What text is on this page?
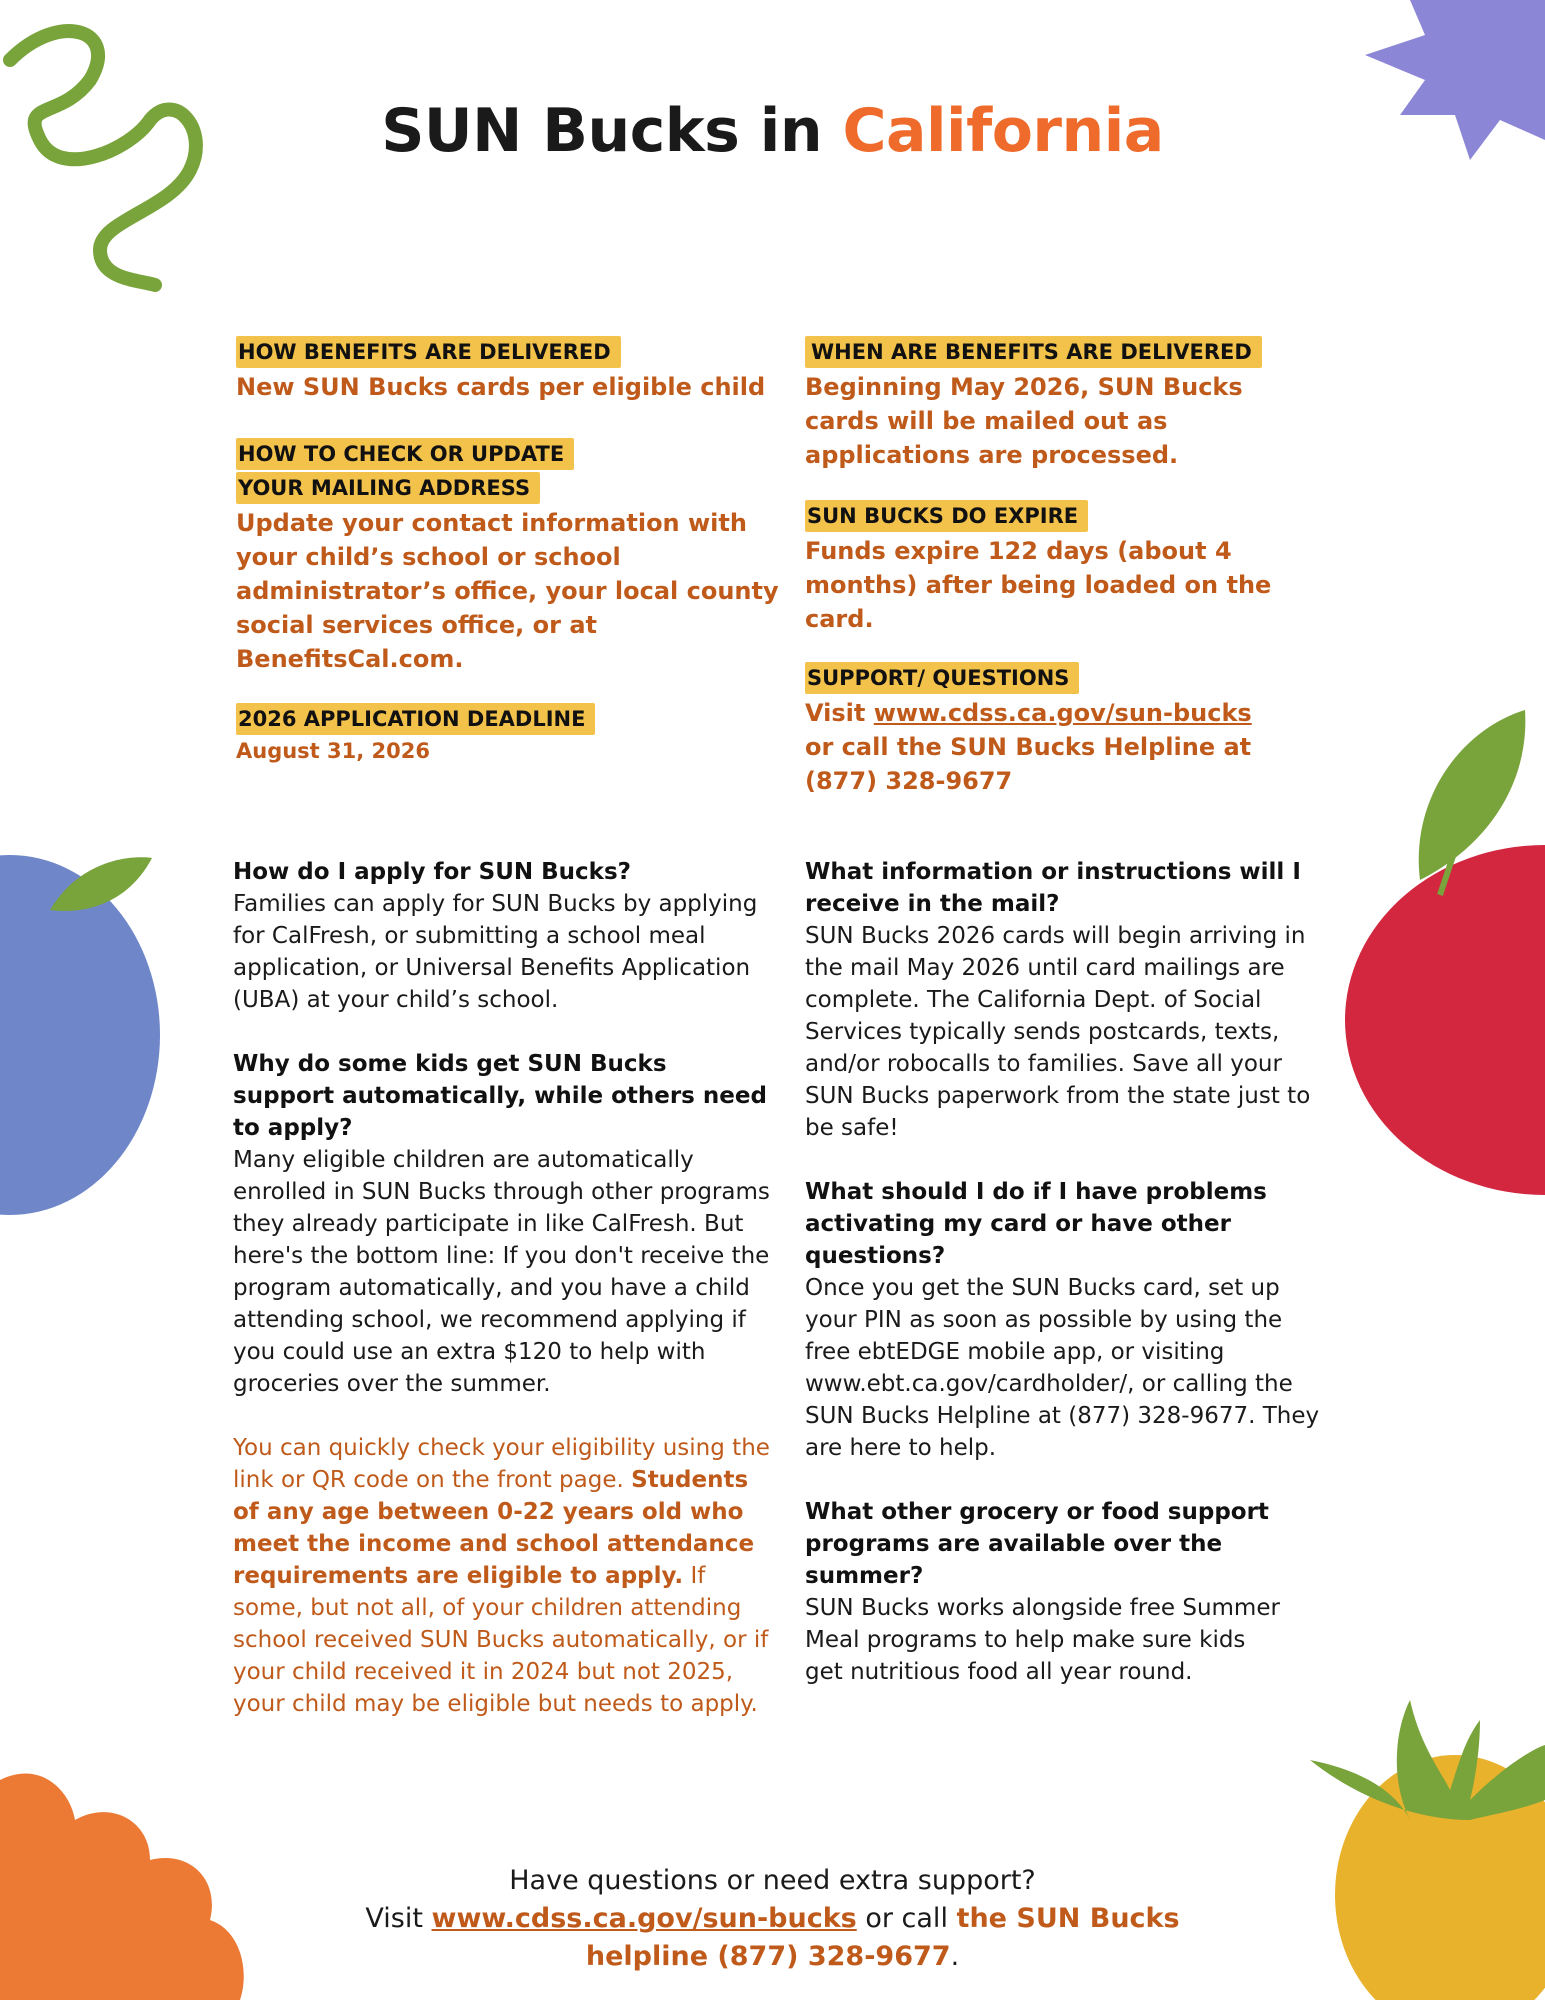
SUN Bucks in California
HOW BENEFITS ARE DELIVERED
New SUN Bucks cards per eligible child
HOW TO CHECK OR UPDATE
YOUR MAILING ADDRESS
Update your contact information with your child’s school or school administrator’s office, your local county social services office, or at BenefitsCal.com.
2026 APPLICATION DEADLINE
August 31, 2026
WHEN ARE BENEFITS ARE DELIVERED
Beginning May 2026, SUN Bucks cards will be mailed out as applications are processed.
SUN BUCKS DO EXPIRE
Funds expire 122 days (about 4 months) after being loaded on the card.
SUPPORT/ QUESTIONS
Visit www.cdss.ca.gov/sun-bucks or call the SUN Bucks Helpline at (877) 328-9677
How do I apply for SUN Bucks?
Families can apply for SUN Bucks by applying for CalFresh, or submitting a school meal application, or Universal Benefits Application (UBA) at your child’s school.
Why do some kids get SUN Bucks support automatically, while others need to apply?
Many eligible children are automatically enrolled in SUN Bucks through other programs they already participate in like CalFresh. But here's the bottom line: If you don't receive the program automatically, and you have a child attending school, we recommend applying if you could use an extra $120 to help with groceries over the summer.
You can quickly check your eligibility using the link or QR code on the front page. Students of any age between 0-22 years old who meet the income and school attendance requirements are eligible to apply. If some, but not all, of your children attending school received SUN Bucks automatically, or if your child received it in 2024 but not 2025, your child may be eligible but needs to apply.
What information or instructions will I receive in the mail?
SUN Bucks 2026 cards will begin arriving in the mail May 2026 until card mailings are complete. The California Dept. of Social Services typically sends postcards, texts, and/or robocalls to families. Save all your SUN Bucks paperwork from the state just to be safe!
What should I do if I have problems activating my card or have other questions?
Once you get the SUN Bucks card, set up your PIN as soon as possible by using the free ebtEDGE mobile app, or visiting www.ebt.ca.gov/cardholder/, or calling the SUN Bucks Helpline at (877) 328-9677. They are here to help.
What other grocery or food support programs are available over the summer?
SUN Bucks works alongside free Summer Meal programs to help make sure kids get nutritious food all year round.
Have questions or need extra support?
Visit www.cdss.ca.gov/sun-bucks or call the SUN Bucks helpline (877) 328-9677.
